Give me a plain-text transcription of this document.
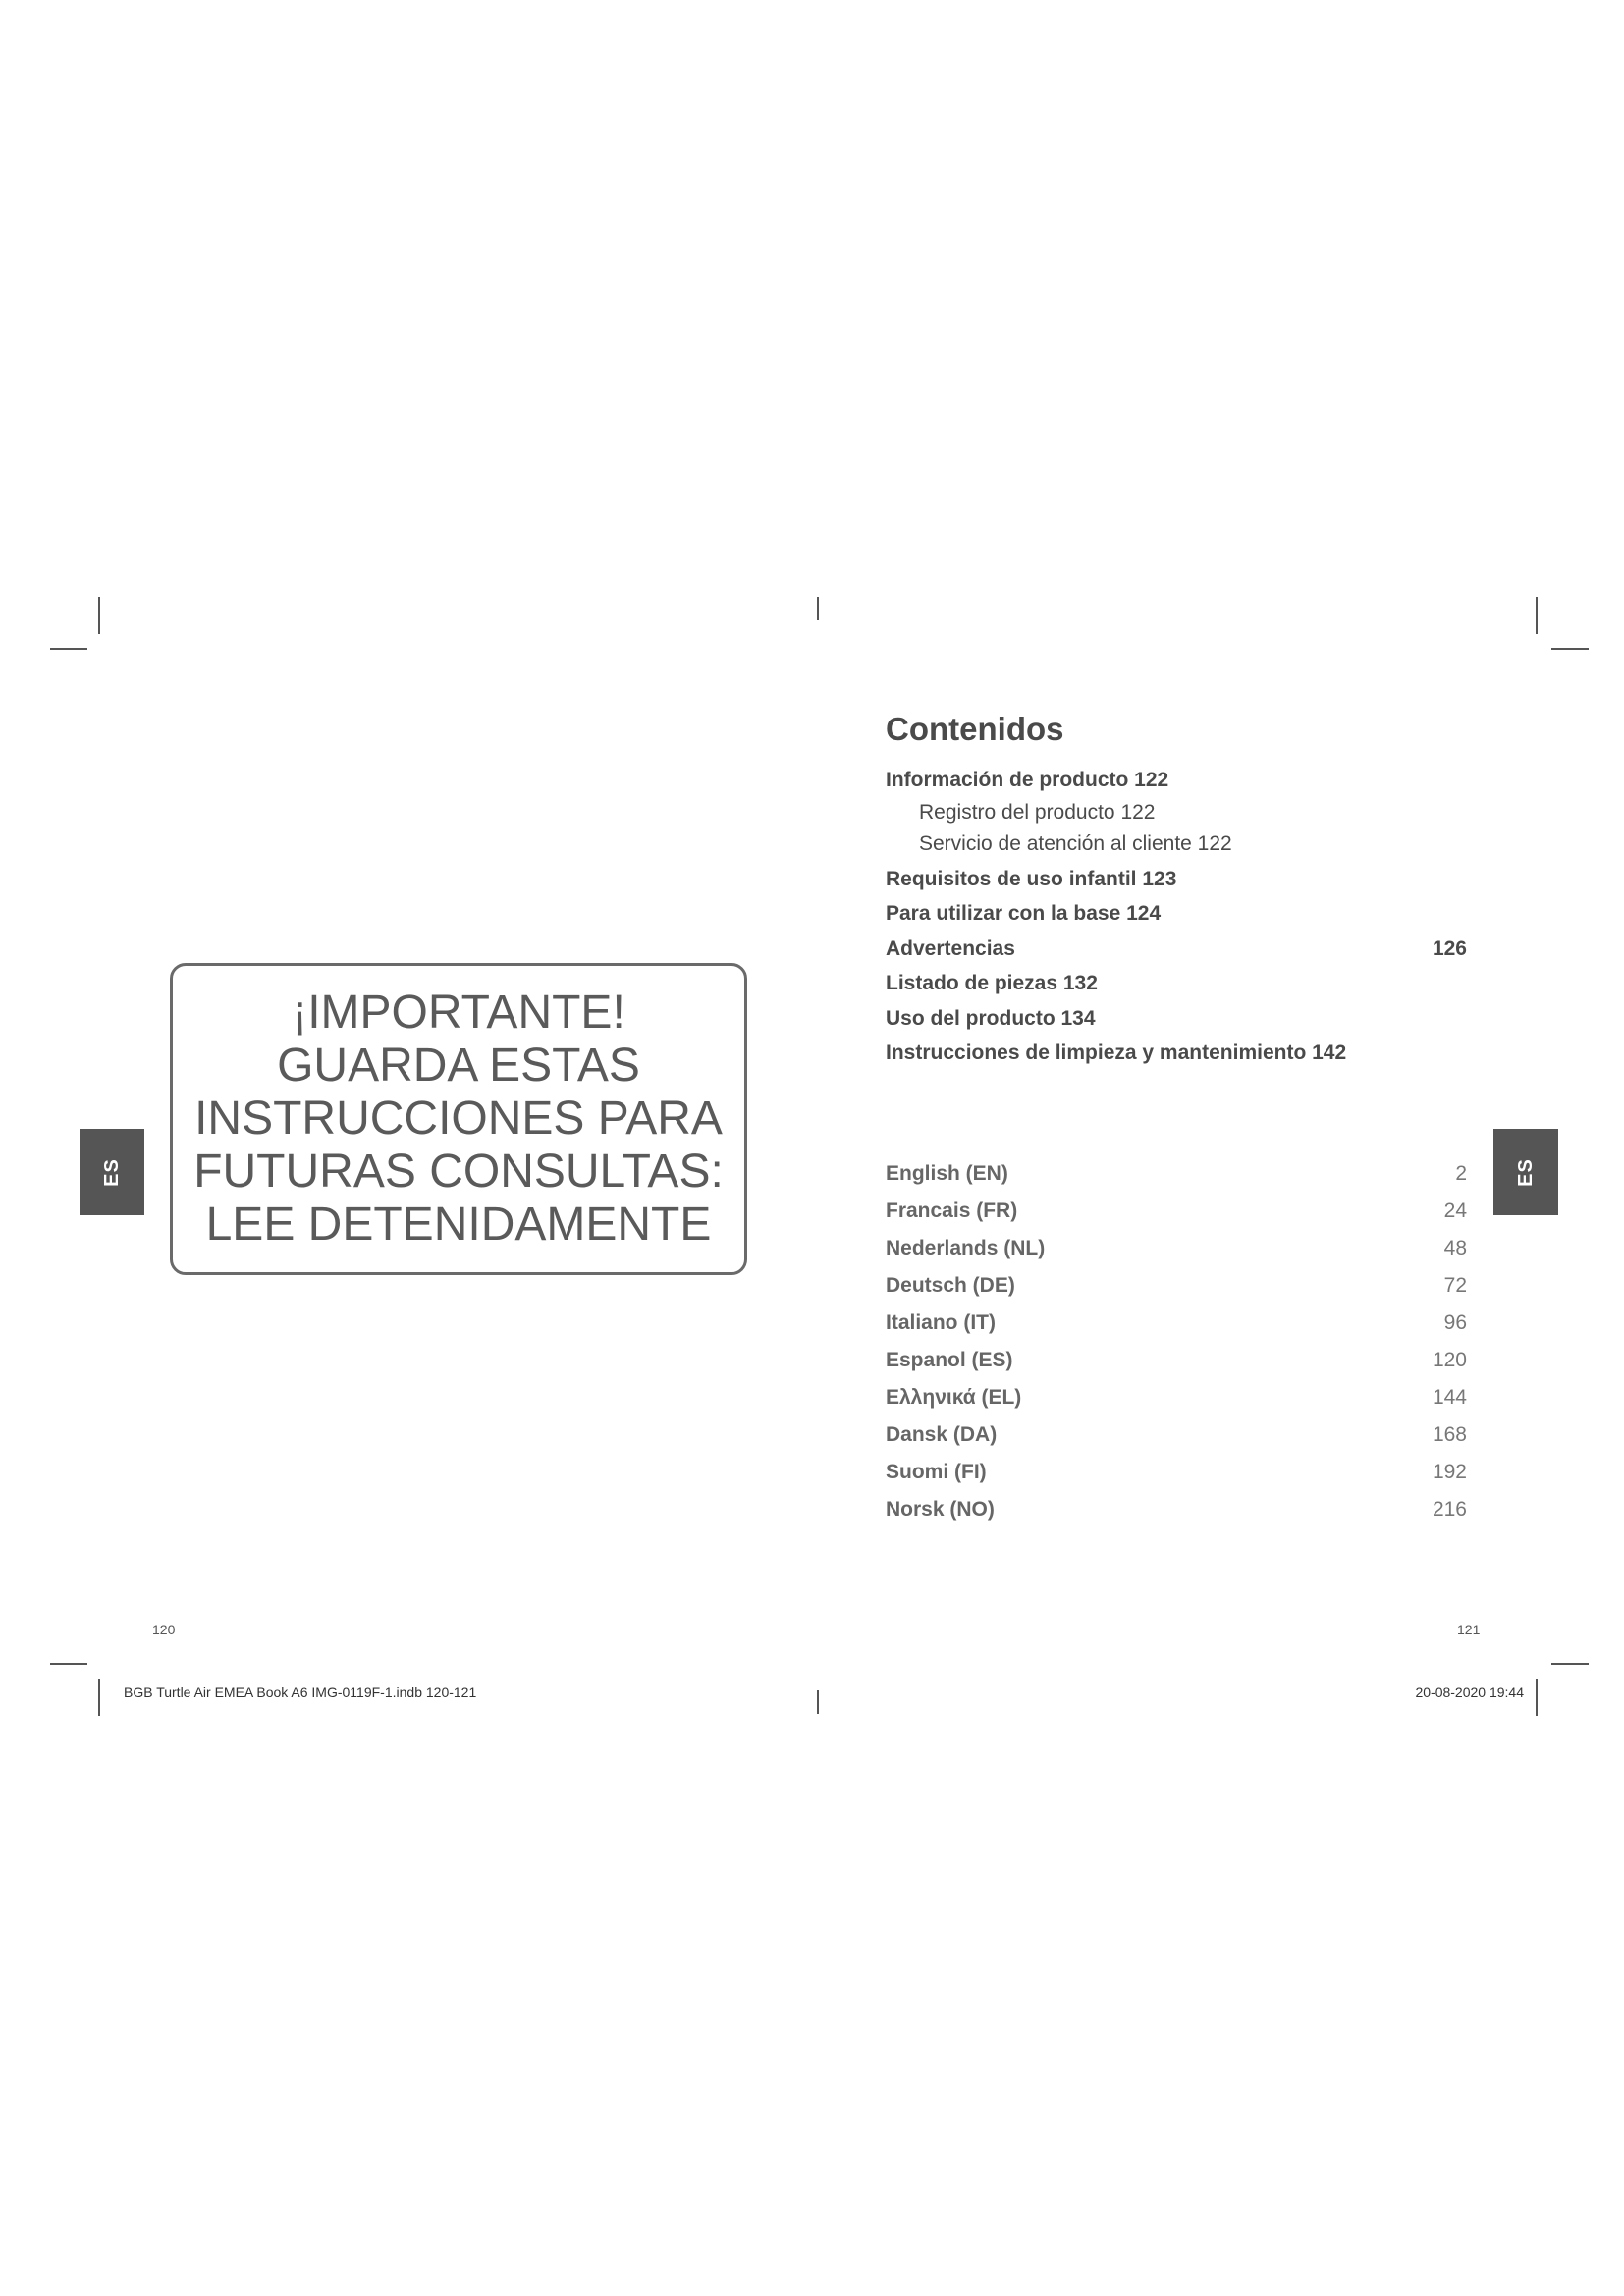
ES	ES
¡IMPORTANTE!
GUARDA ESTAS
INSTRUCCIONES PARA
FUTURAS CONSULTAS:
LEE DETENIDAMENTE
Contenidos
Información de producto 122
Registro del producto 122
Servicio de atención al cliente 122
Requisitos de uso infantil 123
Para utilizar con la base 124
Advertencias	126
Listado de piezas 132
Uso del producto 134
Instrucciones de limpieza y mantenimiento 142
English (EN)	2
Francais (FR)	24
Nederlands (NL)	48
Deutsch (DE)	72
Italiano (IT)	96
Espanol (ES)	120
Ελληνικά (EL)	144
Dansk (DA)	168
Suomi (FI)	192
Norsk (NO)	216
120	121
BGB Turtle Air EMEA Book A6 IMG-0119F-1.indb 120-121	20-08-2020 19:44
